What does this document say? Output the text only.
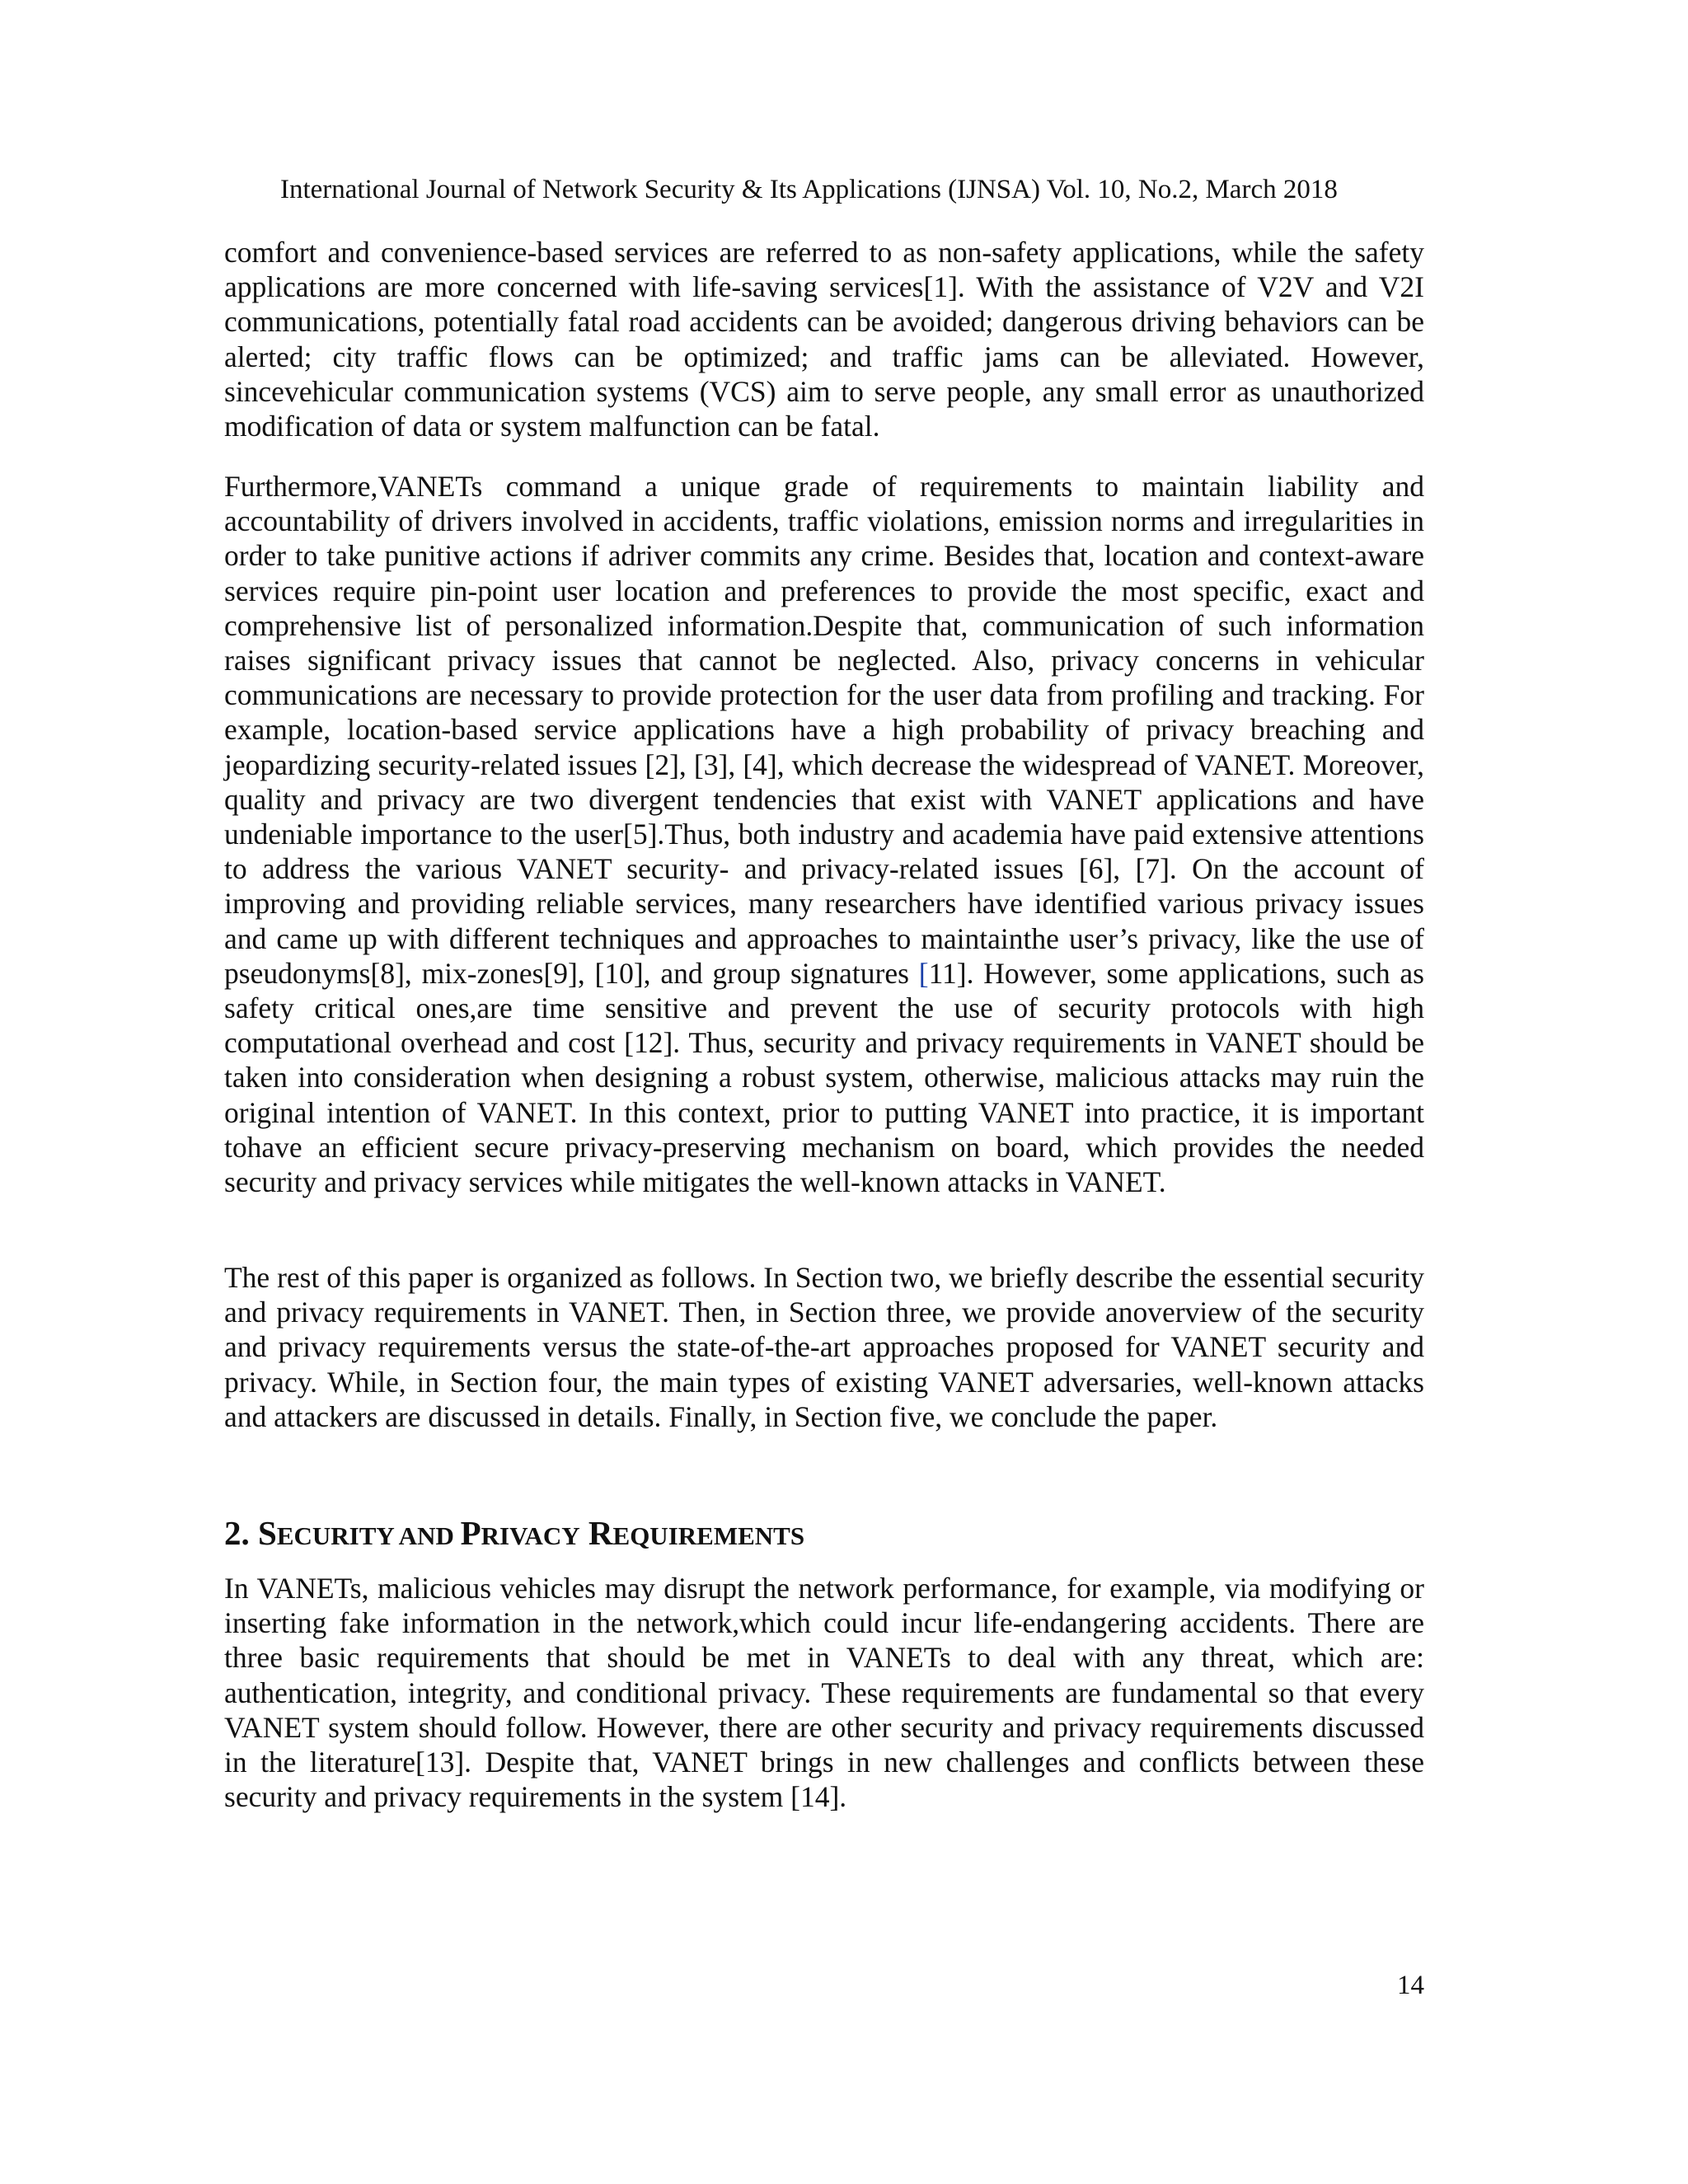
International Journal of Network Security & Its Applications (IJNSA) Vol. 10, No.2, March 2018

comfort and convenience-based services are referred to as non-safety applications, while the safety applications are more concerned with life-saving services[1]. With the assistance of V2V and V2I communications, potentially fatal road accidents can be avoided; dangerous driving behaviors can be alerted; city traffic flows can be optimized; and traffic jams can be alleviated. However, sincevehicular communication systems (VCS) aim to serve people, any small error as unauthorized modification of data or system malfunction can be fatal.

Furthermore,VANETs command a unique grade of requirements to maintain liability and accountability of drivers involved in accidents, traffic violations, emission norms and irregularities in order to take punitive actions if adriver commits any crime. Besides that, location and context-aware services require pin-point user location and preferences to provide the most specific, exact and comprehensive list of personalized information.Despite that, communication of such information raises significant privacy issues that cannot be neglected. Also, privacy concerns in vehicular communications are necessary to provide protection for the user data from profiling and tracking. For example, location-based service applications have a high probability of privacy breaching and jeopardizing security-related issues [2], [3], [4], which decrease the widespread of VANET. Moreover, quality and privacy are two divergent tendencies that exist with VANET applications and have undeniable importance to the user[5].Thus, both industry and academia have paid extensive attentions to address the various VANET security- and privacy-related issues [6], [7]. On the account of improving and providing reliable services, many researchers have identified various privacy issues and came up with different techniques and approaches to maintainthe user’s privacy, like the use of pseudonyms[8], mix-zones[9], [10], and group signatures [11]. However, some applications, such as safety critical ones,are time sensitive and prevent the use of security protocols with high computational overhead and cost [12]. Thus, security and privacy requirements in VANET should be taken into consideration when designing a robust system, otherwise, malicious attacks may ruin the original intention of VANET. In this context, prior to putting VANET into practice, it is important tohave an efficient secure privacy-preserving mechanism on board, which provides the needed security and privacy services while mitigates the well-known attacks in VANET.

The rest of this paper is organized as follows. In Section two, we briefly describe the essential security and privacy requirements in VANET. Then, in Section three, we provide anoverview of the security and privacy requirements versus the state-of-the-art approaches proposed for VANET security and privacy. While, in Section four, the main types of existing VANET adversaries, well-known attacks and attackers are discussed in details. Finally, in Section five, we conclude the paper.

2. SECURITY AND PRIVACY REQUIREMENTS

In VANETs, malicious vehicles may disrupt the network performance, for example, via modifying or inserting fake information in the network,which could incur life-endangering accidents. There are three basic requirements that should be met in VANETs to deal with any threat, which are: authentication, integrity, and conditional privacy. These requirements are fundamental so that every VANET system should follow. However, there are other security and privacy requirements discussed in the literature[13]. Despite that, VANET brings in new challenges and conflicts between these security and privacy requirements in the system [14].

14
